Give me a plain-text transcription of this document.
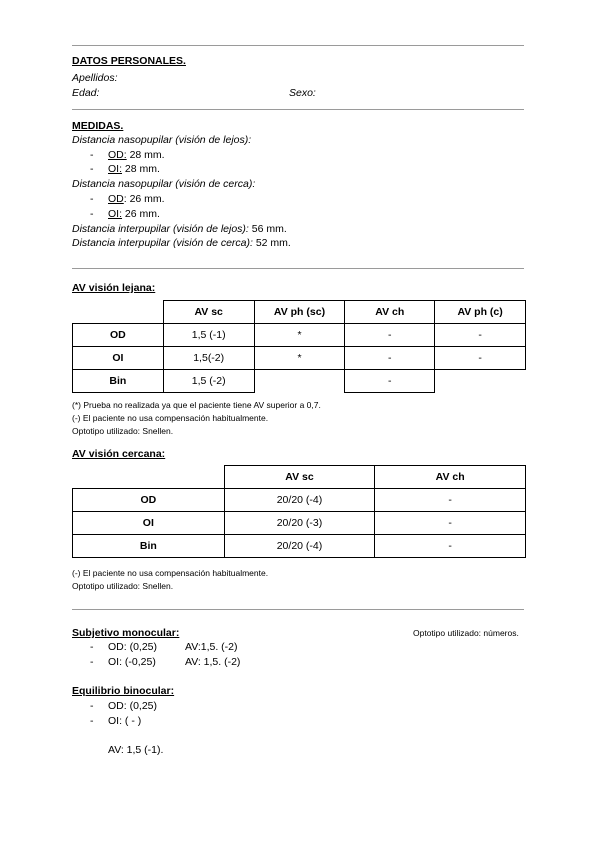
DATOS PERSONALES.
Apellidos:
Edad:	Sexo:
MEDIDAS.
Distancia nasopupilar (visión de lejos):
- OD: 28 mm.
- OI: 28 mm.
Distancia nasopupilar (visión de cerca):
- OD: 26 mm.
- OI: 26 mm.
Distancia interpupilar (visión de lejos): 56 mm.
Distancia interpupilar (visión de cerca): 52 mm.
AV visión lejana:
	AV sc	AV ph (sc)	AV ch	AV ph (c)
OD	1,5 (-1)	*	-	-
OI	1,5(-2)	*	-	-
Bin	1,5 (-2)		-	
(*) Prueba no realizada ya que el paciente tiene AV superior a 0,7.
(-) El paciente no usa compensación habitualmente.
Optotipo utilizado: Snellen.
AV visión cercana:
	AV sc	AV ch
OD	20/20 (-4)	-
OI	20/20 (-3)	-
Bin	20/20 (-4)	-
(-) El paciente no usa compensación habitualmente.
Optotipo utilizado: Snellen.
Subjetivo monocular:	Optotipo utilizado: números.
- OD: (0,25)	AV:1,5. (-2)
- OI: (-0,25)	AV: 1,5. (-2)
Equilibrio binocular:
- OD: (0,25)
- OI: ( - )
AV: 1,5 (-1).
